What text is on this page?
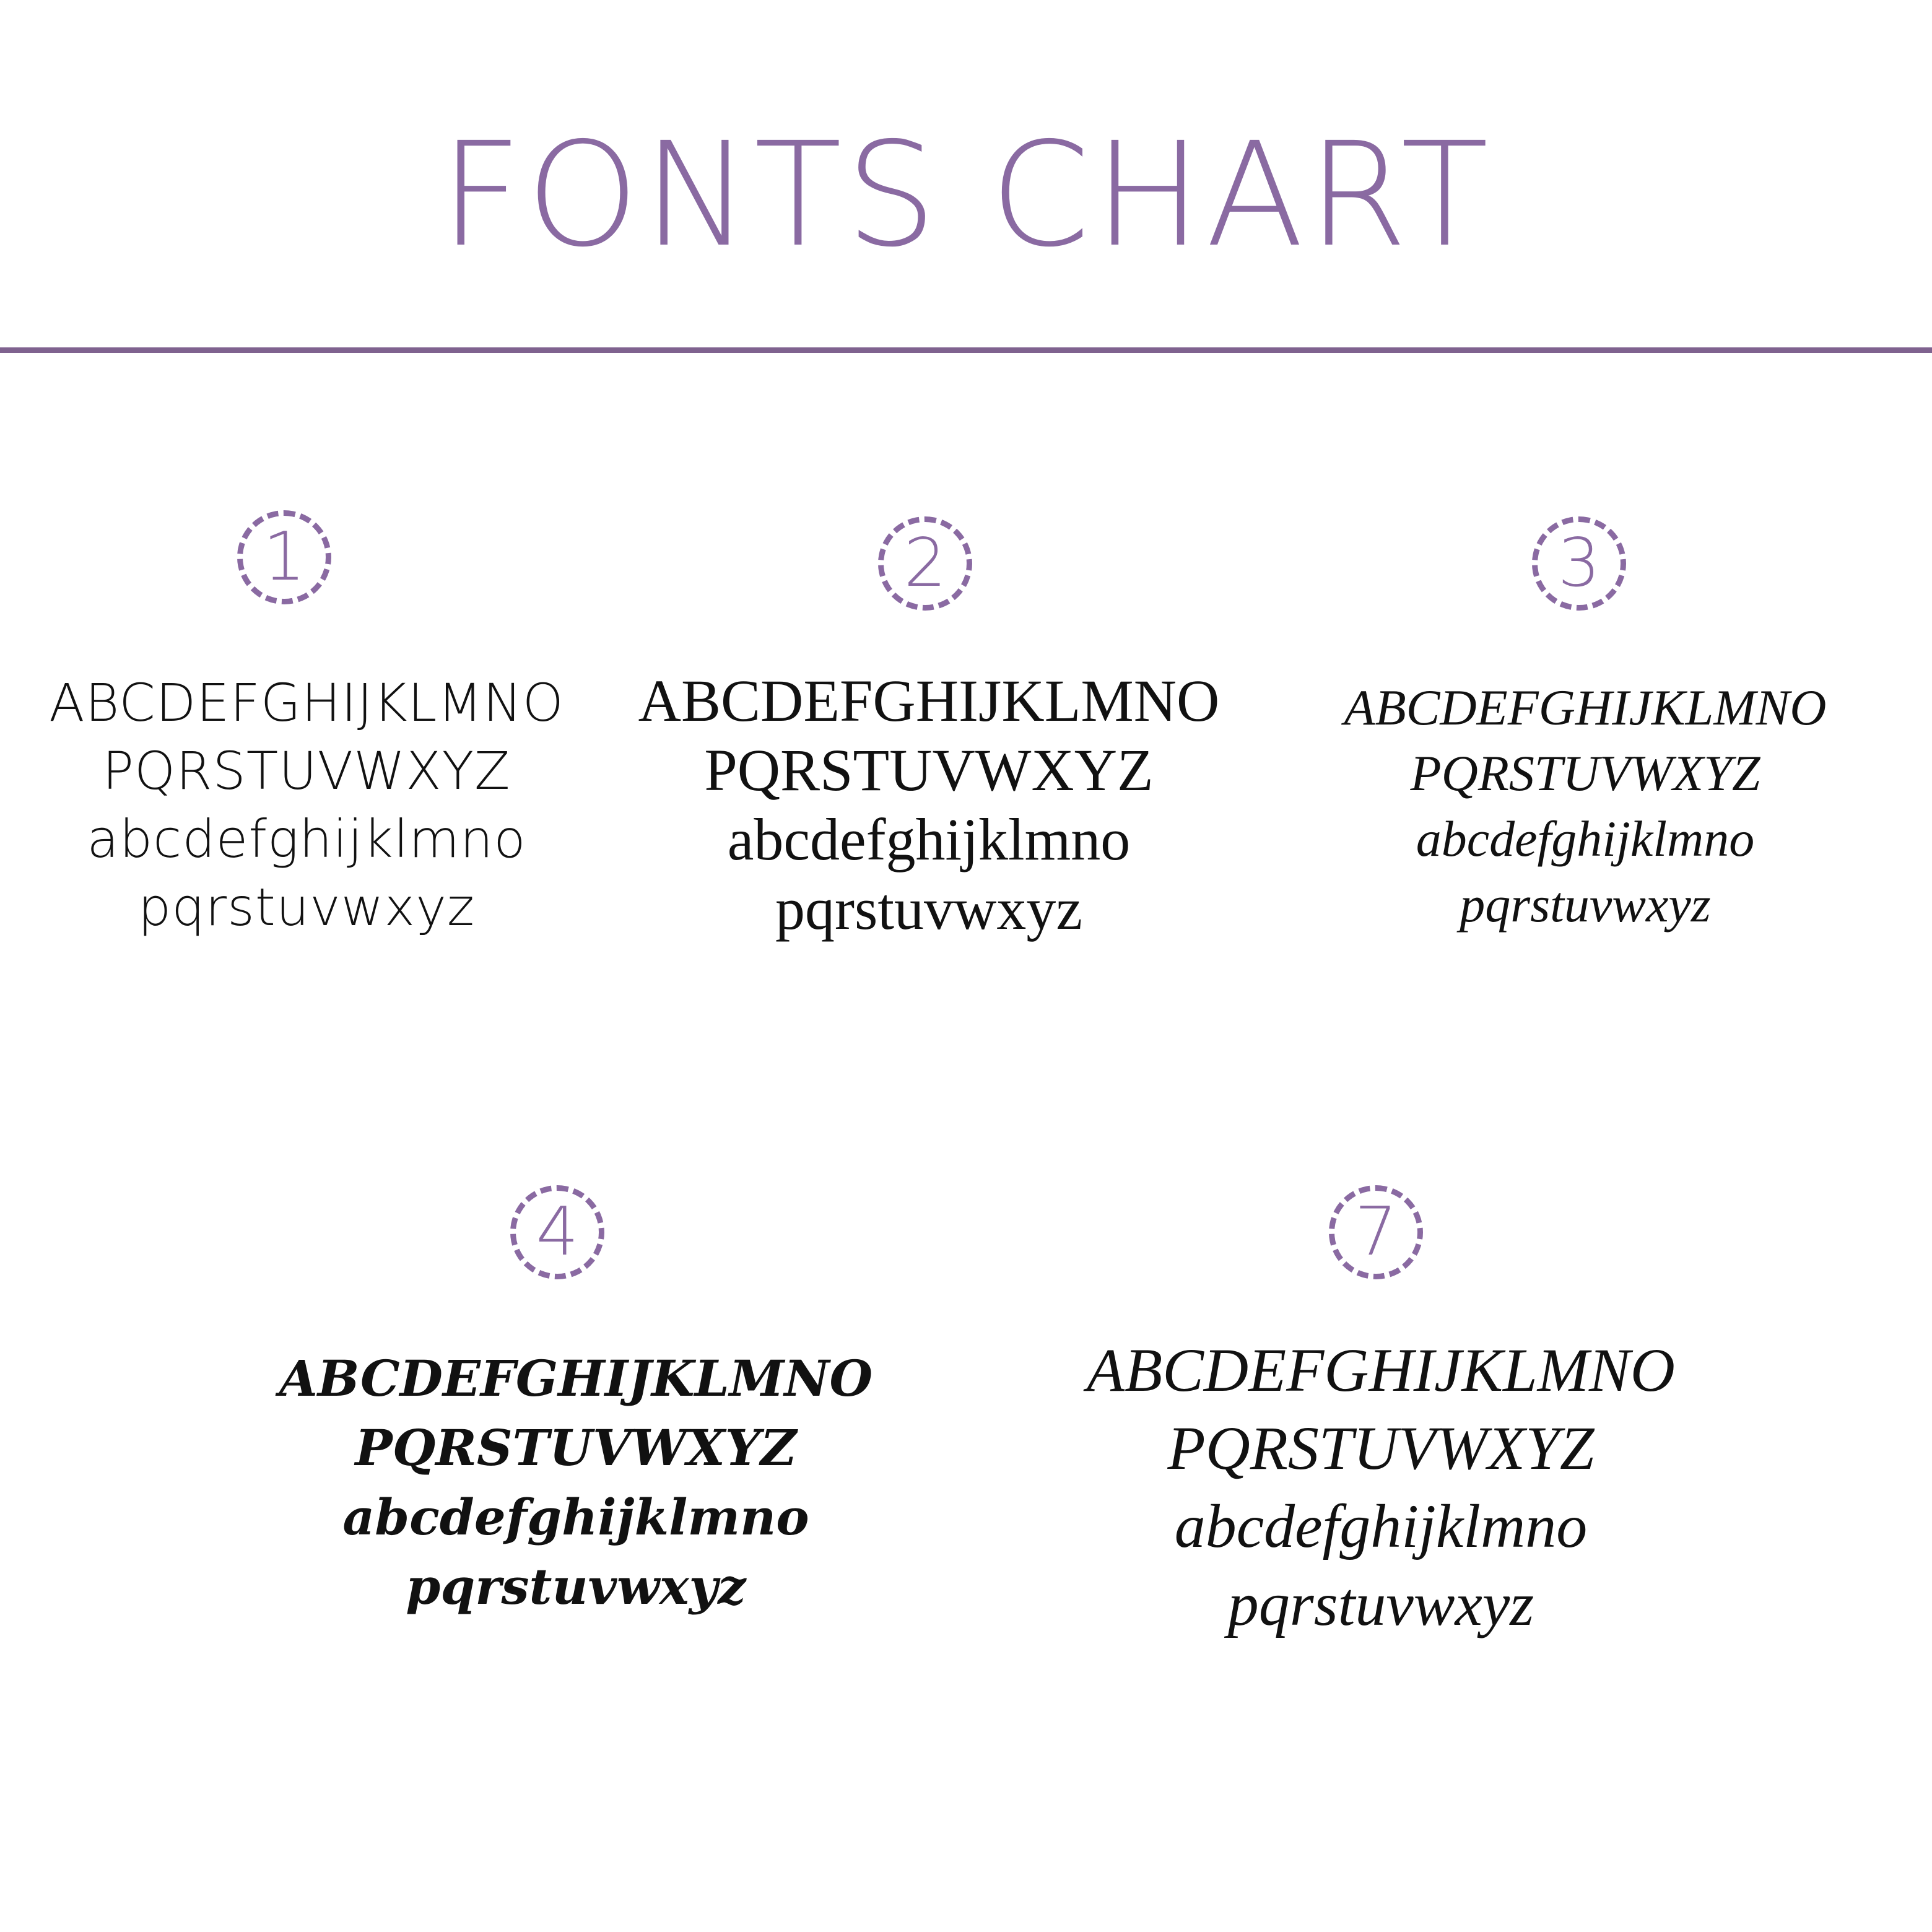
FONTS CHART
1
ABCDEFGHIJKLMNO
PQRSTUVWXYZ
abcdefghijklmno
pqrstuvwxyz
2
ABCDEFGHIJKLMNO
PQRSTUVWXYZ
abcdefghijklmno
pqrstuvwxyz
3
ABCDEFGHIJKLMNO
PQRSTUVWXYZ
abcdefghijklmno
pqrstuvwxyz
4
ABCDEFGHIJKLMNO
PQRSTUVWXYZ
abcdefghijklmno
pqrstuvwxyz
7
ABCDEFGHIJKLMNO
PQRSTUVWXYZ
abcdefghijklmno
pqrstuvwxyz
